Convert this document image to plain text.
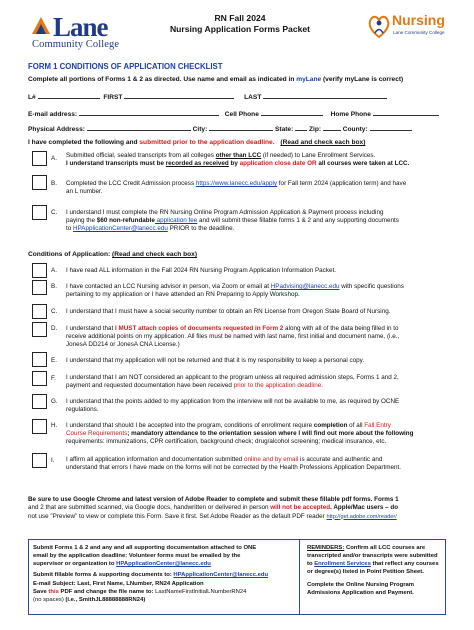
Lane
Community College
RN Fall 2024
Nursing Application Forms Packet
Nursing
Lane Community College
FORM 1 CONDITIONS OF APPLICATION CHECKLIST
Complete all portions of Forms 1 & 2 as directed. Use name and email as indicated in myLane (verify myLane is correct)
L#	FIRST	LAST
E-mail address:	Cell Phone	Home Phone
Physical Address:	City:	State: Zip:	County:
I have completed the following and submitted prior to the application deadline. (Read and check each box)
A. Submitted official, sealed transcripts from all colleges other than LCC (if needed) to Lane Enrollment Services.
I understand transcripts must be recorded as received by application close date OR all courses were taken at LCC.
B. Completed the LCC Credit Admission process https://www.lanecc.edu/apply for Fall term 2024 (application term) and have
an L number.
C. I understand I must complete the RN Nursing Online Program Admission Application & Payment process including
paying the $60 non-refundable application fee and will submit these fillable forms 1 & 2 and any supporting documents
to HPApplicationCenter@lanecc.edu PRIOR to the deadline.
Conditions of Application: (Read and check each box)
A. I have read ALL information in the Fall 2024 RN Nursing Program Application Information Packet.
B. I have contacted an LCC Nursing advisor in person, via Zoom or email at HPadvising@lanecc.edu with specific questions
pertaining to my application or I have attended an RN Preparing to Apply Workshop.
C. I understand that I must have a social security number to obtain an RN License from Oregon State Board of Nursing.
D. I understand that I MUST attach copies of documents requested in Form 2 along with all of the data being filled in to
receive additional points on my application. All files must be named with last name, first initial and document name, (i.e.,
JonesA DD214 or JonesA CNA License.)
E. I understand that my application will not be returned and that it is my responsibility to keep a personal copy.
F. I understand that I am NOT considered an applicant to the program unless all required admission steps, Forms 1 and 2,
payment and requested documentation have been received prior to the application deadline.
G. I understand that the points added to my application from the interview will not be available to me, as required by OCNE
regulations.
H. I understand that should I be accepted into the program, conditions of enrollment require completion of all Fall Entry
Course Requirements; mandatory attendance to the orientation session where I will find out more about the following
requirements: immunizations, CPR certification, background check; drug/alcohol screening; medical insurance, etc.
I. I affirm all application information and documentation submitted online and by email is accurate and authentic and
understand that errors I have made on the forms will not be corrected by the Health Professions Application Department.
Be sure to use Google Chrome and latest version of Adobe Reader to complete and submit these fillable pdf forms. Forms 1
and 2 that are submitted scanned, via Google docs, handwritten or delivered in person will not be accepted. Apple/Mac users – do
not use "Preview" to view or complete this Form. Save it first. Set Adobe Reader as the default PDF reader http://get.adobe.com/reader/
Submit Forms 1 & 2 and any and all supporting documentation attached to ONE
email by the application deadline: Volunteer forms must be emailed by the
supervisor or organization to HPApplicationCenter@lanecc.edu
Submit fillable forms & supporting documents to: HPApplicationCenter@lanecc.edu
E-mail Subject: Last, First Name, LNumber, RN24 Application
Save this PDF and change the file name to: LastNameFirstInitialLNumberRN24
(no spaces) (i.e., SmithJL88888888RN24)
REMINDERS: Confirm all LCC courses are
transcripted and/or transcripts were submitted
to Enrollment Services that reflect any courses
or degree(s) listed in Point Petition Sheet.
Complete the Online Nursing Program
Admissions Application and Payment.
